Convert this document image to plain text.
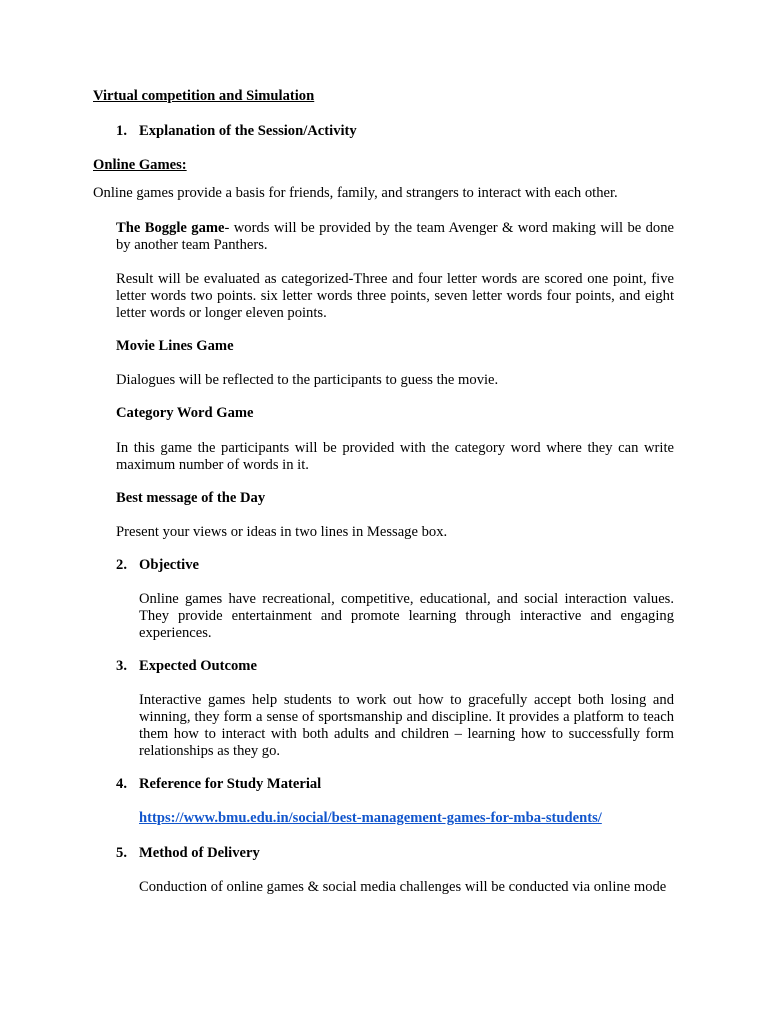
Virtual competition and Simulation
1. Explanation of the Session/Activity
Online Games:
Online games provide a basis for friends, family, and strangers to interact with each other.

The Boggle game- words will be provided by the team Avenger & word making will be done by another team Panthers.

Result will be evaluated as categorized-Three and four letter words are scored one point, five letter words two points. six letter words three points, seven letter words four points, and eight letter words or longer eleven points.

Movie Lines Game
Dialogues will be reflected to the participants to guess the movie.
Category Word Game

In this game the participants will be provided with the category word where they can write maximum number of words in it.

Best message of the Day
Present your views or ideas in two lines in Message box.
2. Objective

Online games have recreational, competitive, educational, and social interaction values. They provide entertainment and promote learning through interactive and engaging experiences.

3. Expected Outcome

Interactive games help students to work out how to gracefully accept both losing and winning, they form a sense of sportsmanship and discipline. It provides a platform to teach them how to interact with both adults and children – learning how to successfully form relationships as they go.

4. Reference for Study Material
https://www.bmu.edu.in/social/best-management-games-for-mba-students/
5. Method of Delivery

Conduction of online games & social media challenges will be conducted via online mode
